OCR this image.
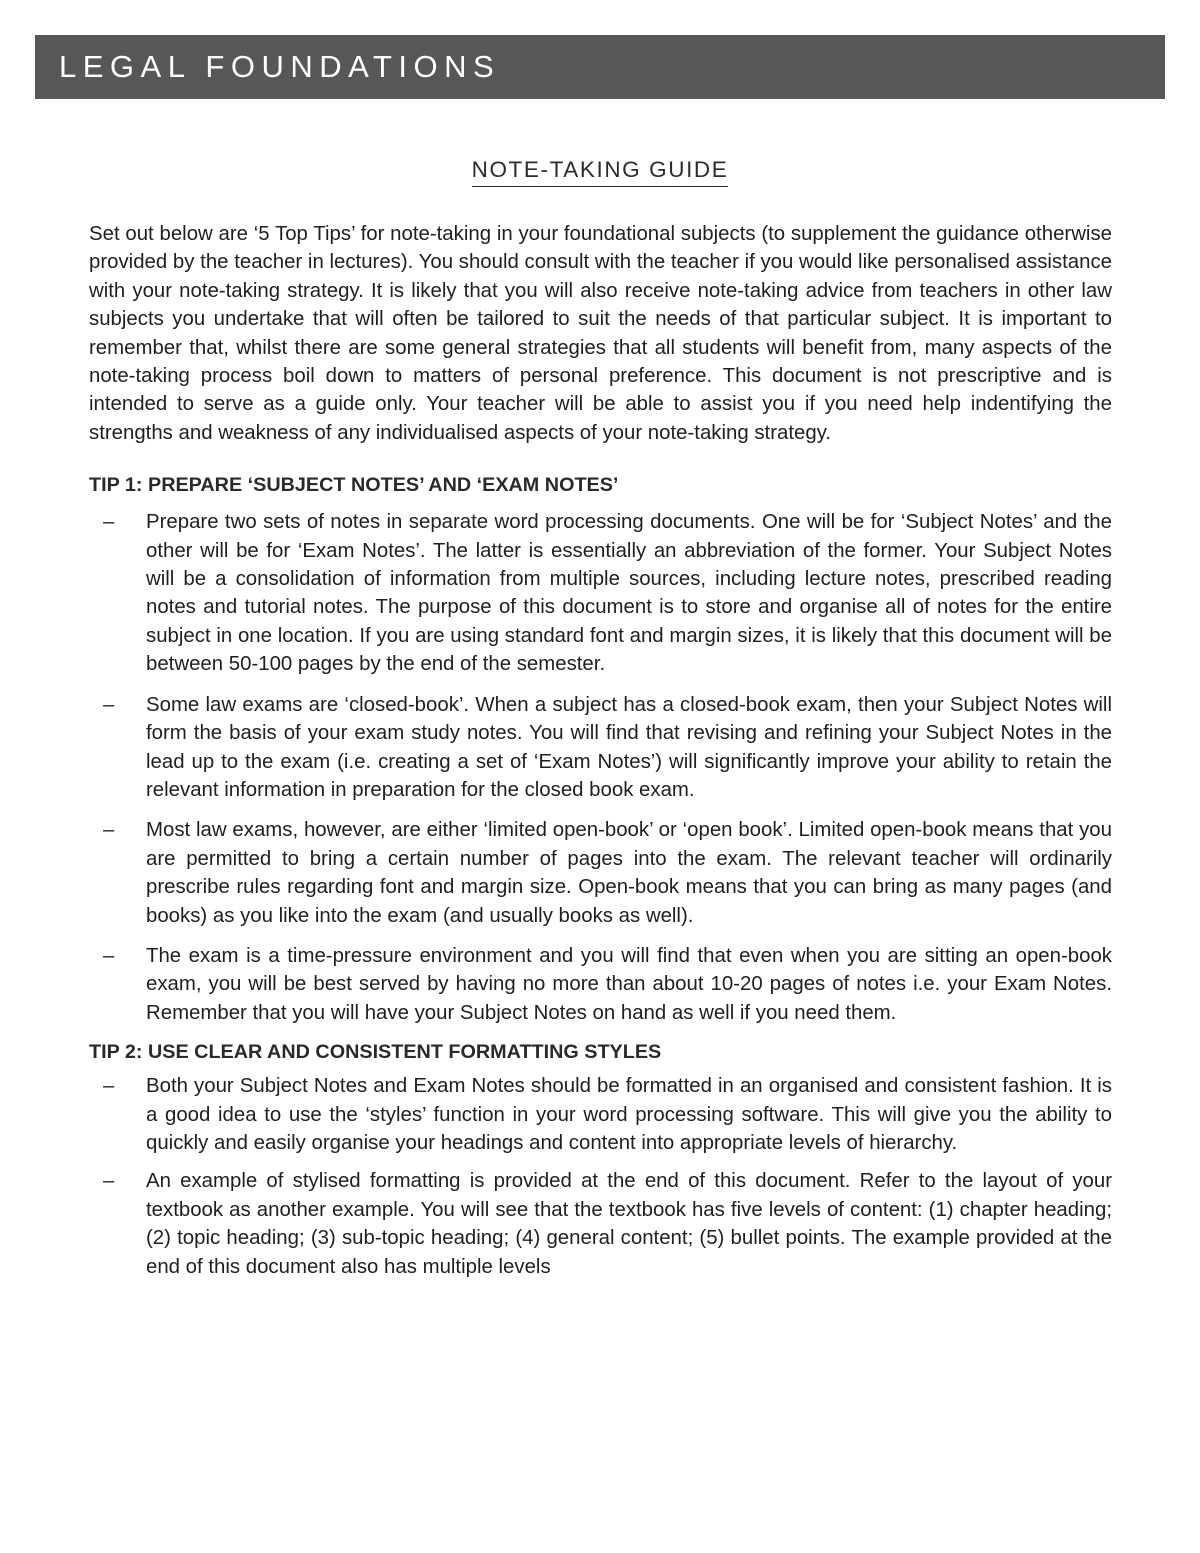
LEGAL FOUNDATIONS
NOTE-TAKING GUIDE

Set out below are ‘5 Top Tips’ for note-taking in your foundational subjects (to supplement the guidance otherwise provided by the teacher in lectures). You should consult with the teacher if you would like personalised assistance with your note-taking strategy. It is likely that you will also receive note-taking advice from teachers in other law subjects you undertake that will often be tailored to suit the needs of that particular subject. It is important to remember that, whilst there are some general strategies that all students will benefit from, many aspects of the note-taking process boil down to matters of personal preference. This document is not prescriptive and is intended to serve as a guide only. Your teacher will be able to assist you if you need help indentifying the strengths and weakness of any individualised aspects of your note-taking strategy.

TIP 1: PREPARE ‘SUBJECT NOTES’ AND ‘EXAM NOTES’
– Prepare two sets of notes in separate word processing documents. One will be for ‘Subject Notes’ and the other will be for ‘Exam Notes’. The latter is essentially an abbreviation of the former. Your Subject Notes will be a consolidation of information from multiple sources, including lecture notes, prescribed reading notes and tutorial notes. The purpose of this document is to store and organise all of notes for the entire subject in one location. If you are using standard font and margin sizes, it is likely that this document will be between 50-100 pages by the end of the semester.
– Some law exams are ‘closed-book’. When a subject has a closed-book exam, then your Subject Notes will form the basis of your exam study notes. You will find that revising and refining your Subject Notes in the lead up to the exam (i.e. creating a set of ‘Exam Notes’) will significantly improve your ability to retain the relevant information in preparation for the closed book exam.
– Most law exams, however, are either ‘limited open-book’ or ‘open book’. Limited open-book means that you are permitted to bring a certain number of pages into the exam. The relevant teacher will ordinarily prescribe rules regarding font and margin size. Open-book means that you can bring as many pages (and books) as you like into the exam (and usually books as well).
– The exam is a time-pressure environment and you will find that even when you are sitting an open-book exam, you will be best served by having no more than about 10-20 pages of notes i.e. your Exam Notes. Remember that you will have your Subject Notes on hand as well if you need them.
TIP 2: USE CLEAR AND CONSISTENT FORMATTING STYLES
– Both your Subject Notes and Exam Notes should be formatted in an organised and consistent fashion. It is a good idea to use the ‘styles’ function in your word processing software. This will give you the ability to quickly and easily organise your headings and content into appropriate levels of hierarchy.
– An example of stylised formatting is provided at the end of this document. Refer to the layout of your textbook as another example. You will see that the textbook has five levels of content: (1) chapter heading; (2) topic heading; (3) sub-topic heading; (4) general content; (5) bullet points. The example provided at the end of this document also has multiple levels
